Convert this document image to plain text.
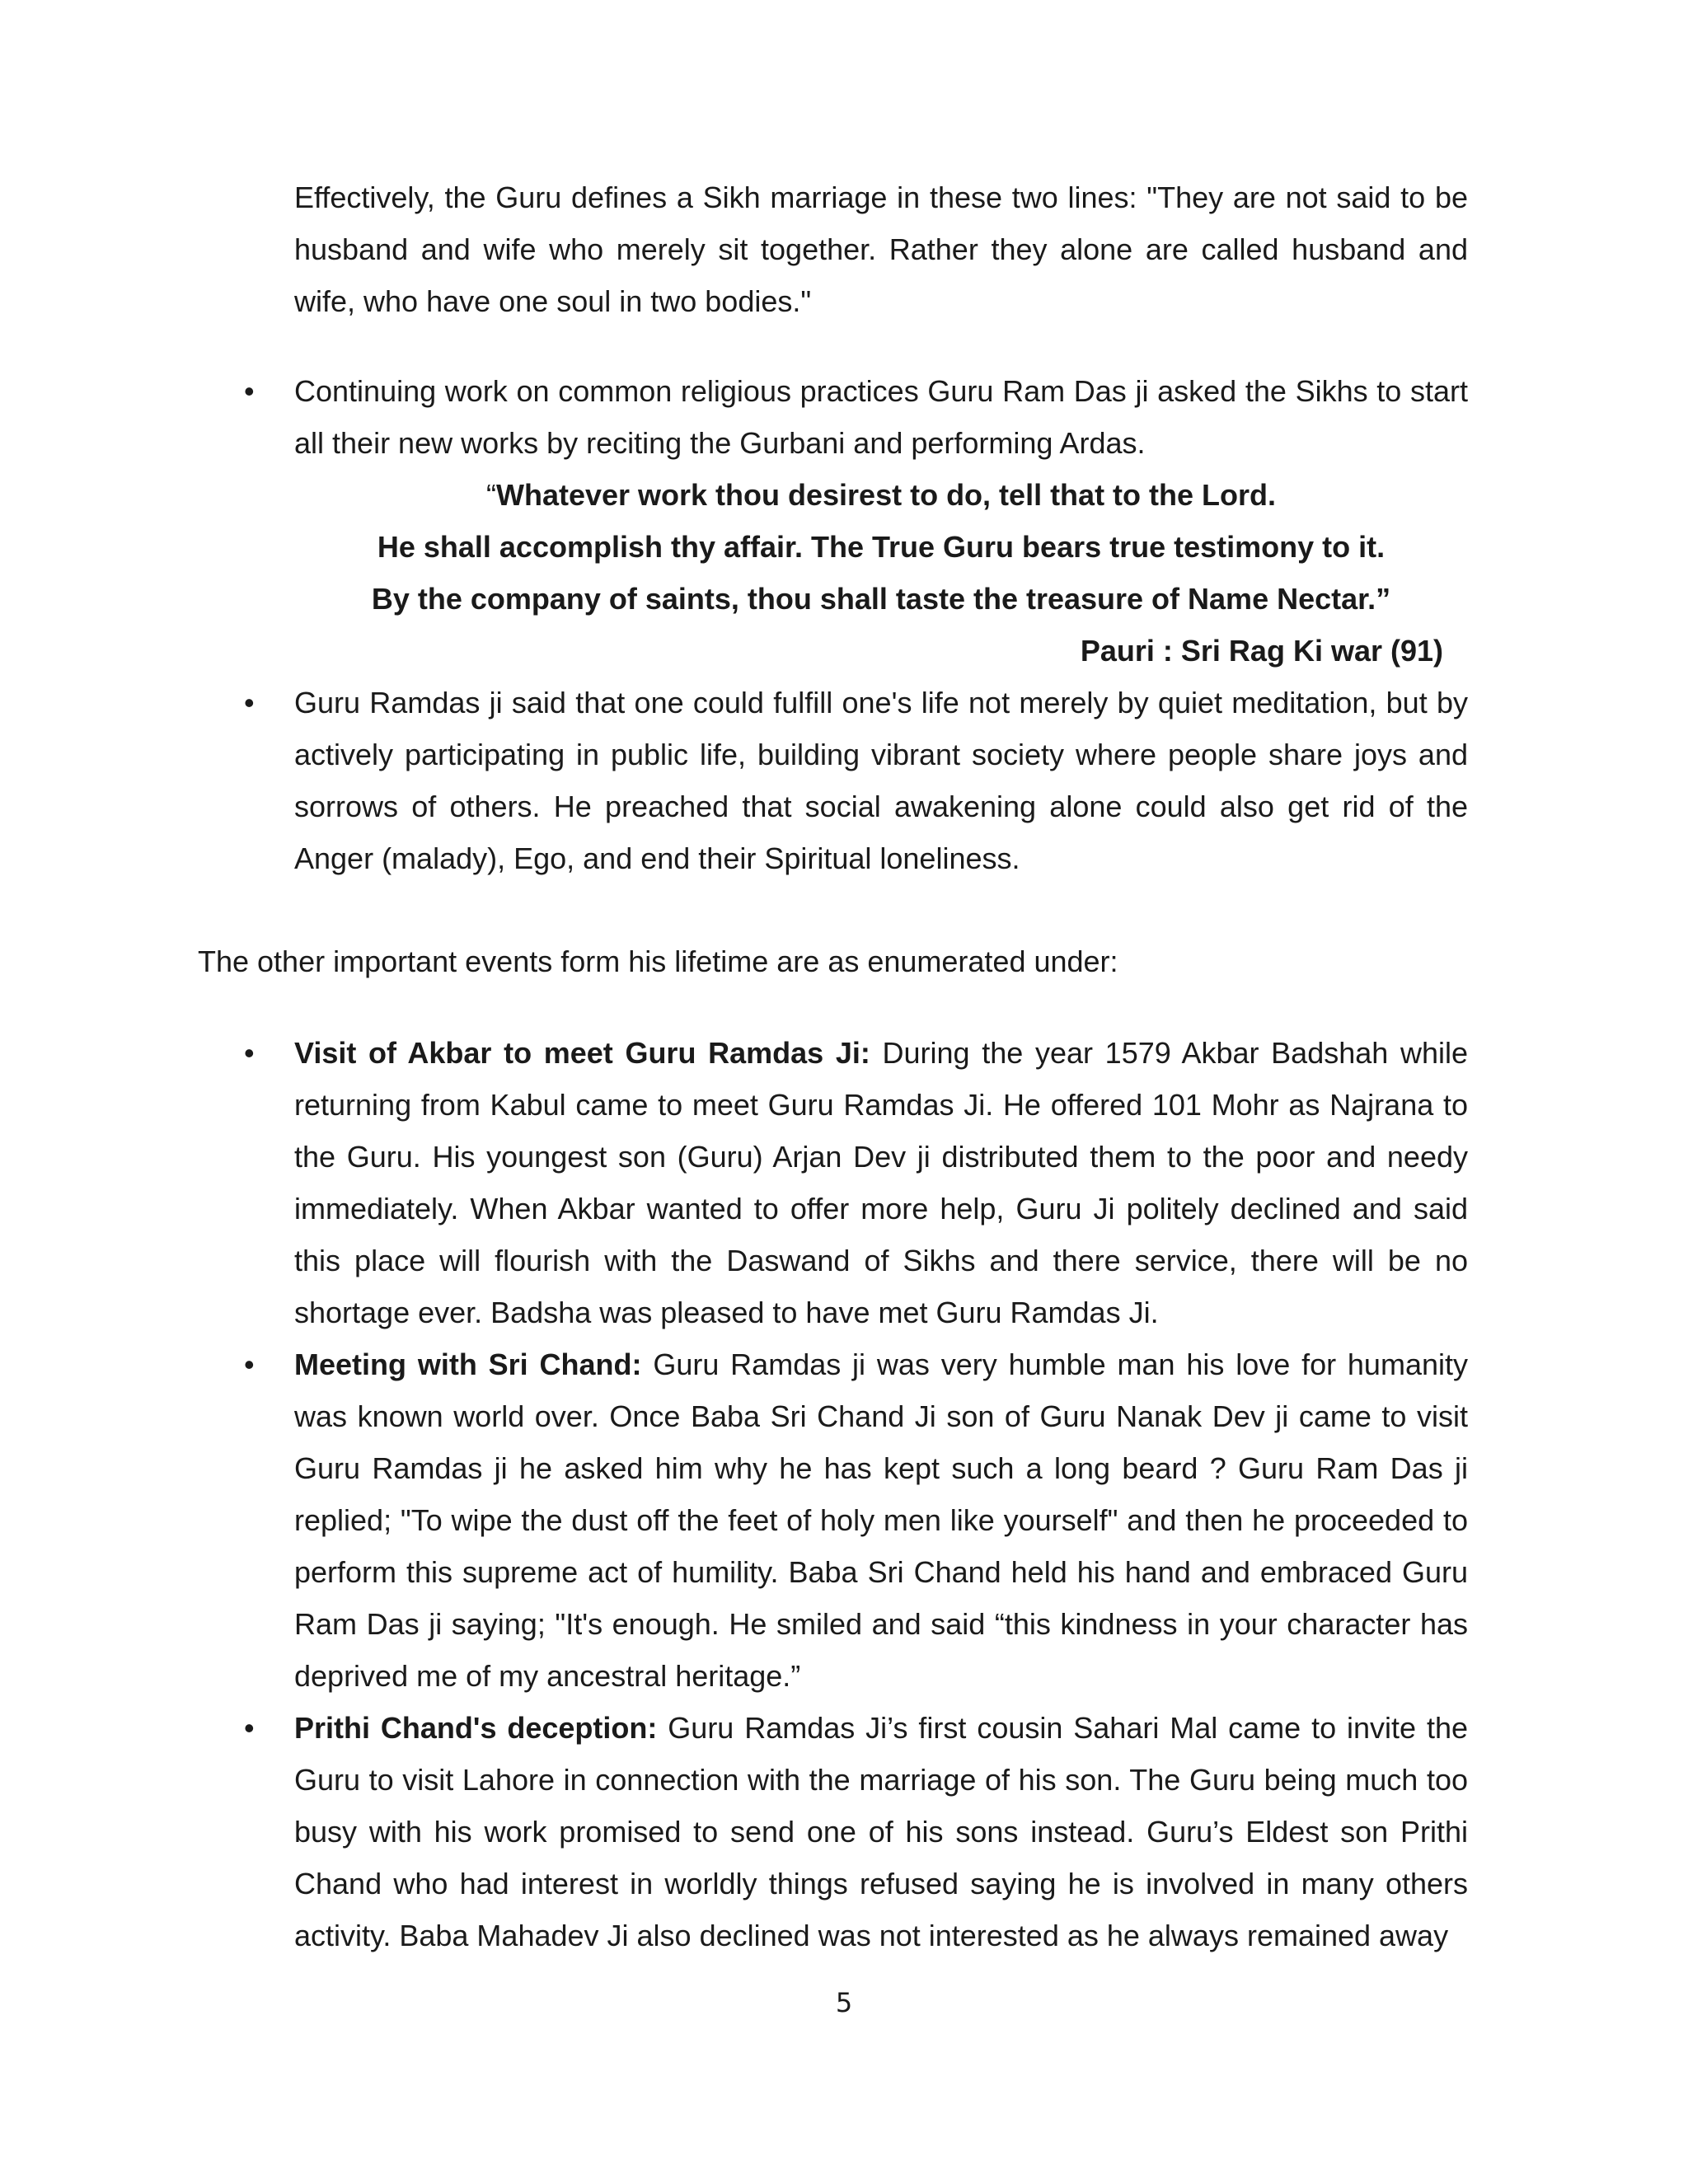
Effectively, the Guru defines a Sikh marriage in these two lines: "They are not said to be husband and wife who merely sit together. Rather they alone are called husband and wife, who have one soul in two bodies."

• Continuing work on common religious practices Guru Ram Das ji asked the Sikhs to start all their new works by reciting the Gurbani and performing Ardas.

“Whatever work thou desirest to do, tell that to the Lord.

He shall accomplish thy affair. The True Guru bears true testimony to it.

By the company of saints, thou shall taste the treasure of Name Nectar.”

Pauri : Sri Rag Ki war (91)
• Guru Ramdas ji said that one could fulfill one's life not merely by quiet meditation, but by actively participating in public life, building vibrant society where people share joys and sorrows of others. He preached that social awakening alone could also get rid of the Anger (malady), Ego, and end their Spiritual loneliness.

The other important events form his lifetime are as enumerated under:

• Visit of Akbar to meet Guru Ramdas Ji: During the year 1579 Akbar Badshah while returning from Kabul came to meet Guru Ramdas Ji. He offered 101 Mohr as Najrana to the Guru. His youngest son (Guru) Arjan Dev ji distributed them to the poor and needy immediately. When Akbar wanted to offer more help, Guru Ji politely declined and said this place will flourish with the Daswand of Sikhs and there service, there will be no shortage ever. Badsha was pleased to have met Guru Ramdas Ji.

• Meeting with Sri Chand: Guru Ramdas ji was very humble man his love for humanity was known world over. Once Baba Sri Chand Ji son of Guru Nanak Dev ji came to visit Guru Ramdas ji he asked him why he has kept such a long beard ? Guru Ram Das ji replied; "To wipe the dust off the feet of holy men like yourself" and then he proceeded to perform this supreme act of humility. Baba Sri Chand held his hand and embraced Guru Ram Das ji saying; "It's enough. He smiled and said “this kindness in your character has deprived me of my ancestral heritage.”

• Prithi Chand's deception: Guru Ramdas Ji’s first cousin Sahari Mal came to invite the Guru to visit Lahore in connection with the marriage of his son. The Guru being much too busy with his work promised to send one of his sons instead. Guru’s Eldest son Prithi Chand who had interest in worldly things refused saying he is involved in many others activity. Baba Mahadev Ji also declined was not interested as he always remained away

5
